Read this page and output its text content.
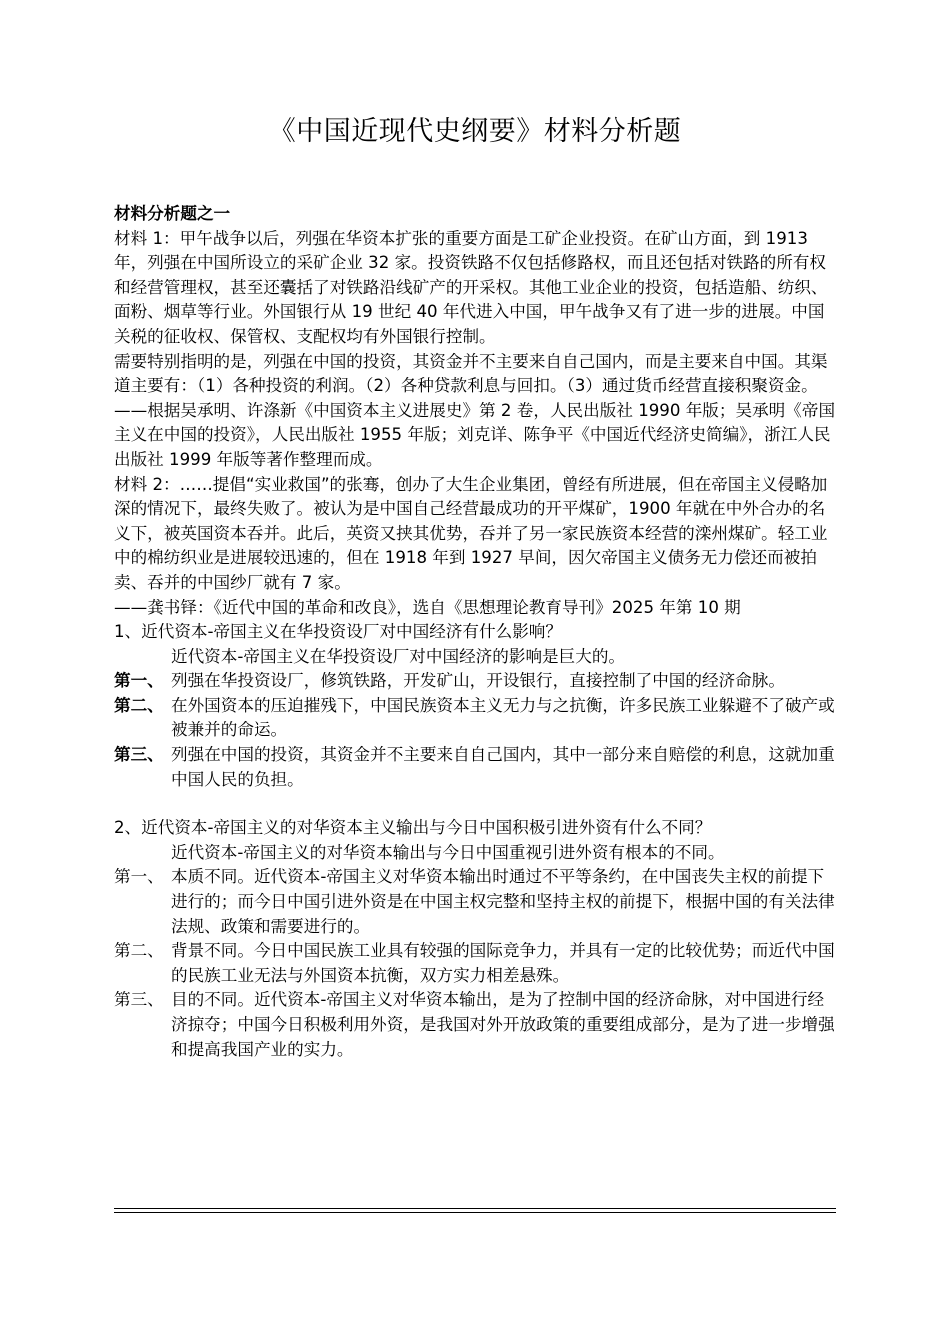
《中国近现代史纲要》材料分析题

材料分析题之一

材料 1：甲午战争以后，列强在华资本扩张的重要方面是工矿企业投资。在矿山方面，到 1913 年，列强在中国所设立的采矿企业 32 家。投资铁路不仅包括修路权，而且还包括对铁路的所有权和经营管理权，甚至还囊括了对铁路沿线矿产的开采权。其他工业企业的投资，包括造船、纺织、面粉、烟草等行业。外国银行从 19 世纪 40 年代进入中国，甲午战争又有了进一步的进展。中国关税的征收权、保管权、支配权均有外国银行控制。

需要特别指明的是，列强在中国的投资，其资金并不主要来自自己国内，而是主要来自中国。其渠道主要有：（1）各种投资的利润。（2）各种贷款利息与回扣。（3）通过货币经营直接积聚资金。

——根据吴承明、许涤新《中国资本主义进展史》第 2 卷，人民出版社 1990 年版；吴承明《帝国主义在中国的投资》，人民出版社 1955 年版；刘克详、陈争平《中国近代经济史简编》，浙江人民出版社 1999 年版等著作整理而成。

材料 2：……提倡“实业救国”的张骞，创办了大生企业集团，曾经有所进展，但在帝国主义侵略加深的情况下，最终失败了。被认为是中国自己经营最成功的开平煤矿，1900 年就在中外合办的名义下，被英国资本吞并。此后，英资又挟其优势，吞并了另一家民族资本经营的滦州煤矿。轻工业中的棉纺织业是进展较迅速的，但在 1918 年到 1927 早间，因欠帝国主义债务无力偿还而被拍卖、吞并的中国纱厂就有 7 家。

——龚书铎：《近代中国的革命和改良》，选自《思想理论教育导刊》2025 年第 10 期

1、近代资本-帝国主义在华投资设厂对中国经济有什么影响？

近代资本-帝国主义在华投资设厂对中国经济的影响是巨大的。

第一、 列强在华投资设厂，修筑铁路，开发矿山，开设银行，直接控制了中国的经济命脉。
第二、 在外国资本的压迫摧残下，中国民族资本主义无力与之抗衡，许多民族工业躲避不了破产或被兼并的命运。
第三、 列强在中国的投资，其资金并不主要来自自己国内，其中一部分来自赔偿的利息，这就加重中国人民的负担。

2、近代资本-帝国主义的对华资本主义输出与今日中国积极引进外资有什么不同？

近代资本-帝国主义的对华资本输出与今日中国重视引进外资有根本的不同。

第一、 本质不同。近代资本-帝国主义对华资本输出时通过不平等条约，在中国丧失主权的前提下进行的；而今日中国引进外资是在中国主权完整和坚持主权的前提下，根据中国的有关法律法规、政策和需要进行的。
第二、 背景不同。今日中国民族工业具有较强的国际竞争力，并具有一定的比较优势；而近代中国的民族工业无法与外国资本抗衡，双方实力相差悬殊。
第三、 目的不同。近代资本-帝国主义对华资本输出，是为了控制中国的经济命脉，对中国进行经济掠夺；中国今日积极利用外资，是我国对外开放政策的重要组成部分，是为了进一步增强和提高我国产业的实力。
